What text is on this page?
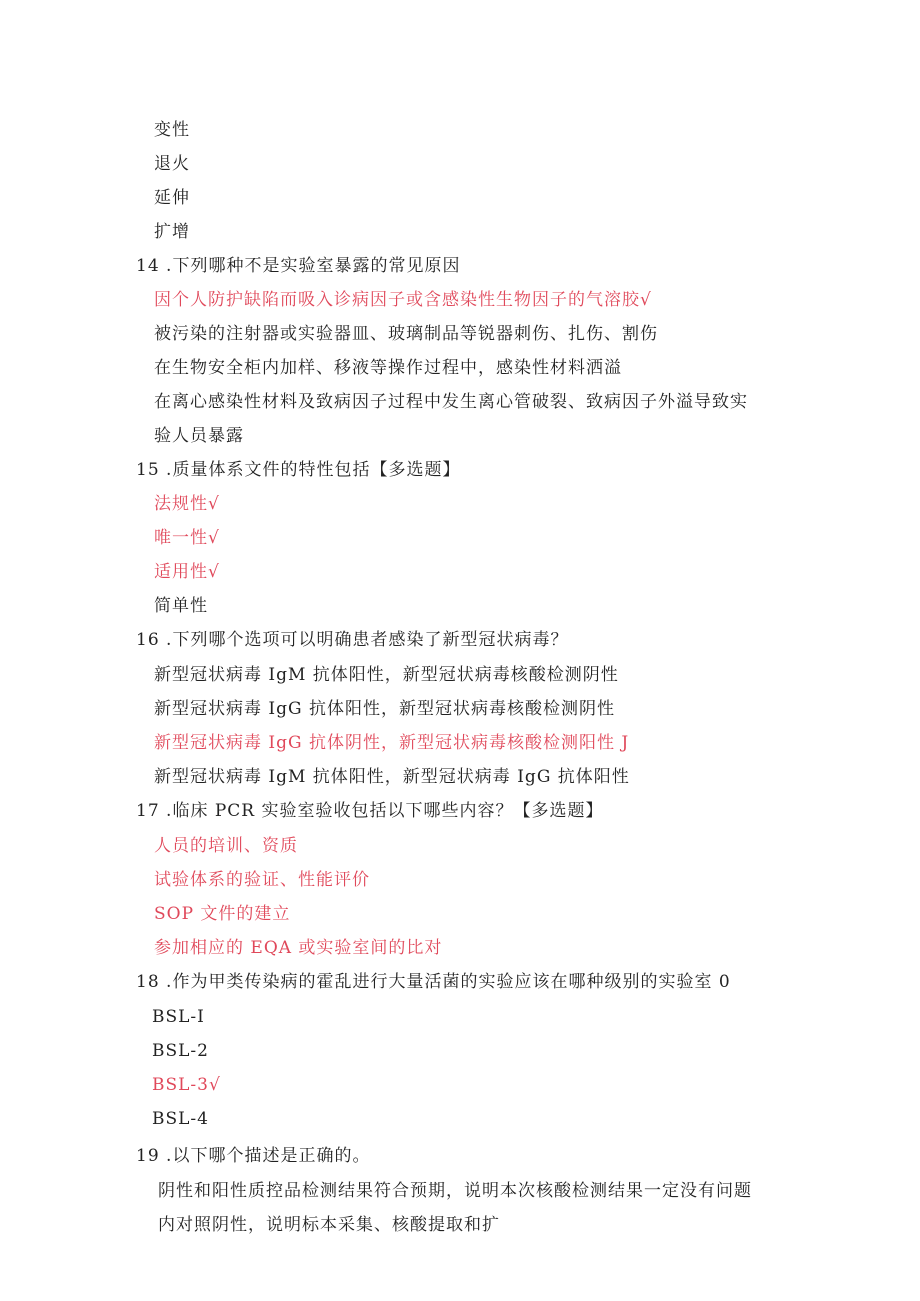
变性
退火
延伸
扩增
14 .下列哪种不是实验室暴露的常见原因
因个人防护缺陷而吸入诊病因子或含感染性生物因子的气溶胶√
被污染的注射器或实验器皿、玻璃制品等锐器刺伤、扎伤、割伤
在生物安全柜内加样、移液等操作过程中，感染性材料洒溢
在离心感染性材料及致病因子过程中发生离心管破裂、致病因子外溢导致实
验人员暴露
15 .质量体系文件的特性包括【多选题】
法规性√
唯一性√
适用性√
简单性
16 .下列哪个选项可以明确患者感染了新型冠状病毒？
新型冠状病毒 IgM 抗体阳性，新型冠状病毒核酸检测阴性
新型冠状病毒 IgG 抗体阳性，新型冠状病毒核酸检测阴性
新型冠状病毒 IgG 抗体阴性，新型冠状病毒核酸检测阳性 J
新型冠状病毒 IgM 抗体阳性，新型冠状病毒 IgG 抗体阳性
17 .临床 PCR 实验室验收包括以下哪些内容？【多选题】
人员的培训、资质
试验体系的验证、性能评价
SOP 文件的建立
参加相应的 EQA 或实验室间的比对
18 .作为甲类传染病的霍乱进行大量活菌的实验应该在哪种级别的实验室 0
BSL-I
BSL-2
BSL-3√
BSL-4
19 .以下哪个描述是正确的。
阴性和阳性质控品检测结果符合预期，说明本次核酸检测结果一定没有问题
内对照阴性，说明标本采集、核酸提取和扩
